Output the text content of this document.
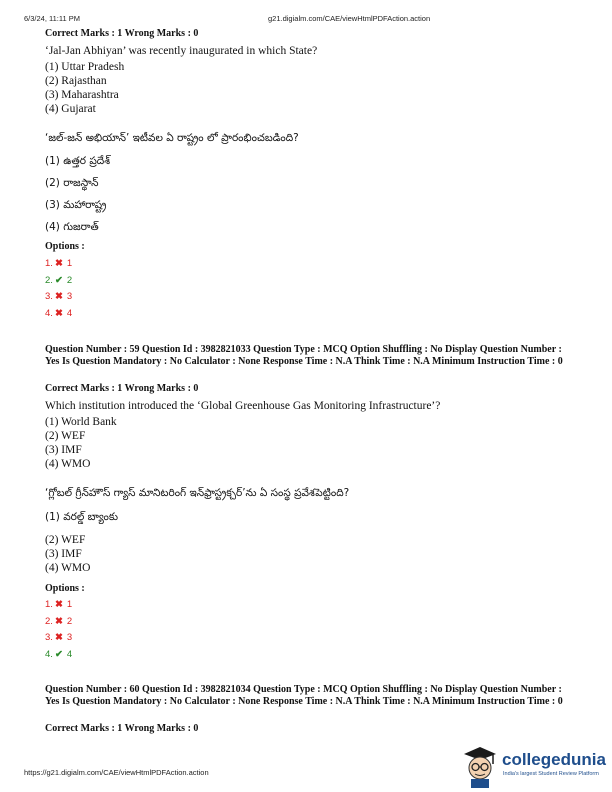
6/3/24, 11:11 PM	g21.digialm.com/CAE/viewHtmlPDFAction.action
Correct Marks : 1 Wrong Marks : 0
‘Jal-Jan Abhiyan’ was recently inaugurated in which State?
(1) Uttar Pradesh
(2) Rajasthan
(3) Maharashtra
(4) Gujarat
‘జల్-జన్ అభియాన్’ ఇటీవల ఏ రాష్ట్రం లో ప్రారంభించబడింది?
(1) ఉత్తర ప్రదేశ్
(2) రాజస్థాన్
(3) మహారాష్ట్ర
(4) గుజరాత్
Options :
1. ✖ 1
2. ✔ 2
3. ✖ 3
4. ✖ 4
Question Number : 59 Question Id : 3982821033 Question Type : MCQ Option Shuffling : No Display Question Number : Yes Is Question Mandatory : No Calculator : None Response Time : N.A Think Time : N.A Minimum Instruction Time : 0
Correct Marks : 1 Wrong Marks : 0
Which institution introduced the ‘Global Greenhouse Gas Monitoring Infrastructure’?
(1) World Bank
(2) WEF
(3) IMF
(4) WMO
‘గ్లోబల్ గ్రీన్‌హౌస్ గ్యాస్ మానిటరింగ్ ఇన్‌ఫ్రాస్ట్రక్చర్’ను ఏ సంస్థ ప్రవేశపెట్టింది?
(1) వరల్డ్ బ్యాంకు
(2) WEF
(3) IMF
(4) WMO
Options :
1. ✖ 1
2. ✖ 2
3. ✖ 3
4. ✔ 4
Question Number : 60 Question Id : 3982821034 Question Type : MCQ Option Shuffling : No Display Question Number : Yes Is Question Mandatory : No Calculator : None Response Time : N.A Think Time : N.A Minimum Instruction Time : 0
Correct Marks : 1 Wrong Marks : 0
https://g21.digialm.com/CAE/viewHtmlPDFAction.action
collegedunia
India's largest Student Review Platform
